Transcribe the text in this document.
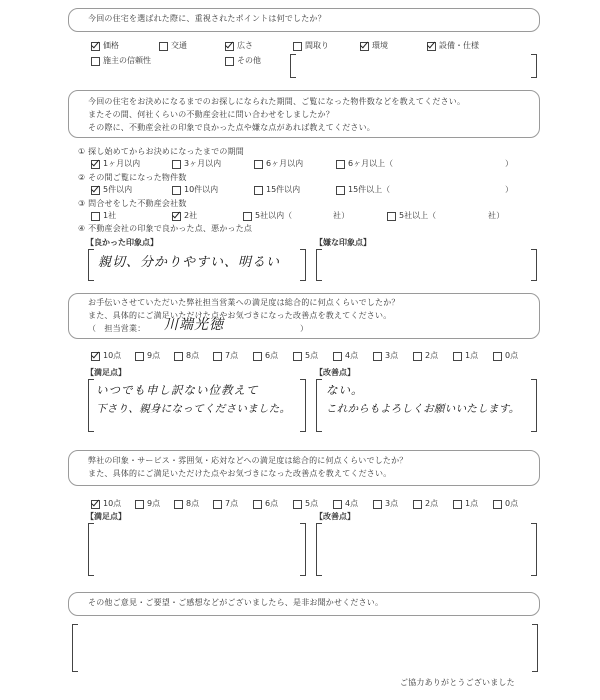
今回の住宅を選ばれた際に、重視されたポイントは何でしたか？
価格	交通	広さ	間取り	環境	設備・仕様
施主の信頼性	その他
今回の住宅をお決めになるまでのお探しになられた期間、ご覧になった物件数などを教えてください。
またその間、何社くらいの不動産会社に問い合わせをしましたか？
その際に、不動産会社の印象で良かった点や嫌な点があれば教えてください。
① 探し始めてからお決めになったまでの期間
1ヶ月以内	3ヶ月以内	6ヶ月以内	6ヶ月以上（	）
② その間ご覧になった物件数
5件以内	10件以内	15件以内	15件以上（	）
③ 問合せをした不動産会社数
1社	2社	5社以内（	社）	5社以上（	社）
④ 不動産会社の印象で良かった点、悪かった点
【良かった印象点】	【嫌な印象点】
親切、分かりやすい、明るい
お手伝いさせていただいた弊社担当営業への満足度は総合的に何点くらいでしたか？
また、具体的にご満足いただけた点やお気づきになった改善点を教えてください。
（　担当営業： 川端光徳	）
10点	9点	8点	7点	6点	5点	4点	3点	2点	1点	0点
【満足点】	【改善点】
いつでも申し訳ない位教えて
下さり、親身になってくださいました。
ない。
これからもよろしくお願いいたします。
弊社の印象・サービス・雰囲気・応対などへの満足度は総合的に何点くらいでしたか？
また、具体的にご満足いただけた点やお気づきになった改善点を教えてください。
10点	9点	8点	7点	6点	5点	4点	3点	2点	1点	0点
【満足点】	【改善点】
その他ご意見・ご要望・ご感想などがございましたら、是非お聞かせください。
ご協力ありがとうございました
